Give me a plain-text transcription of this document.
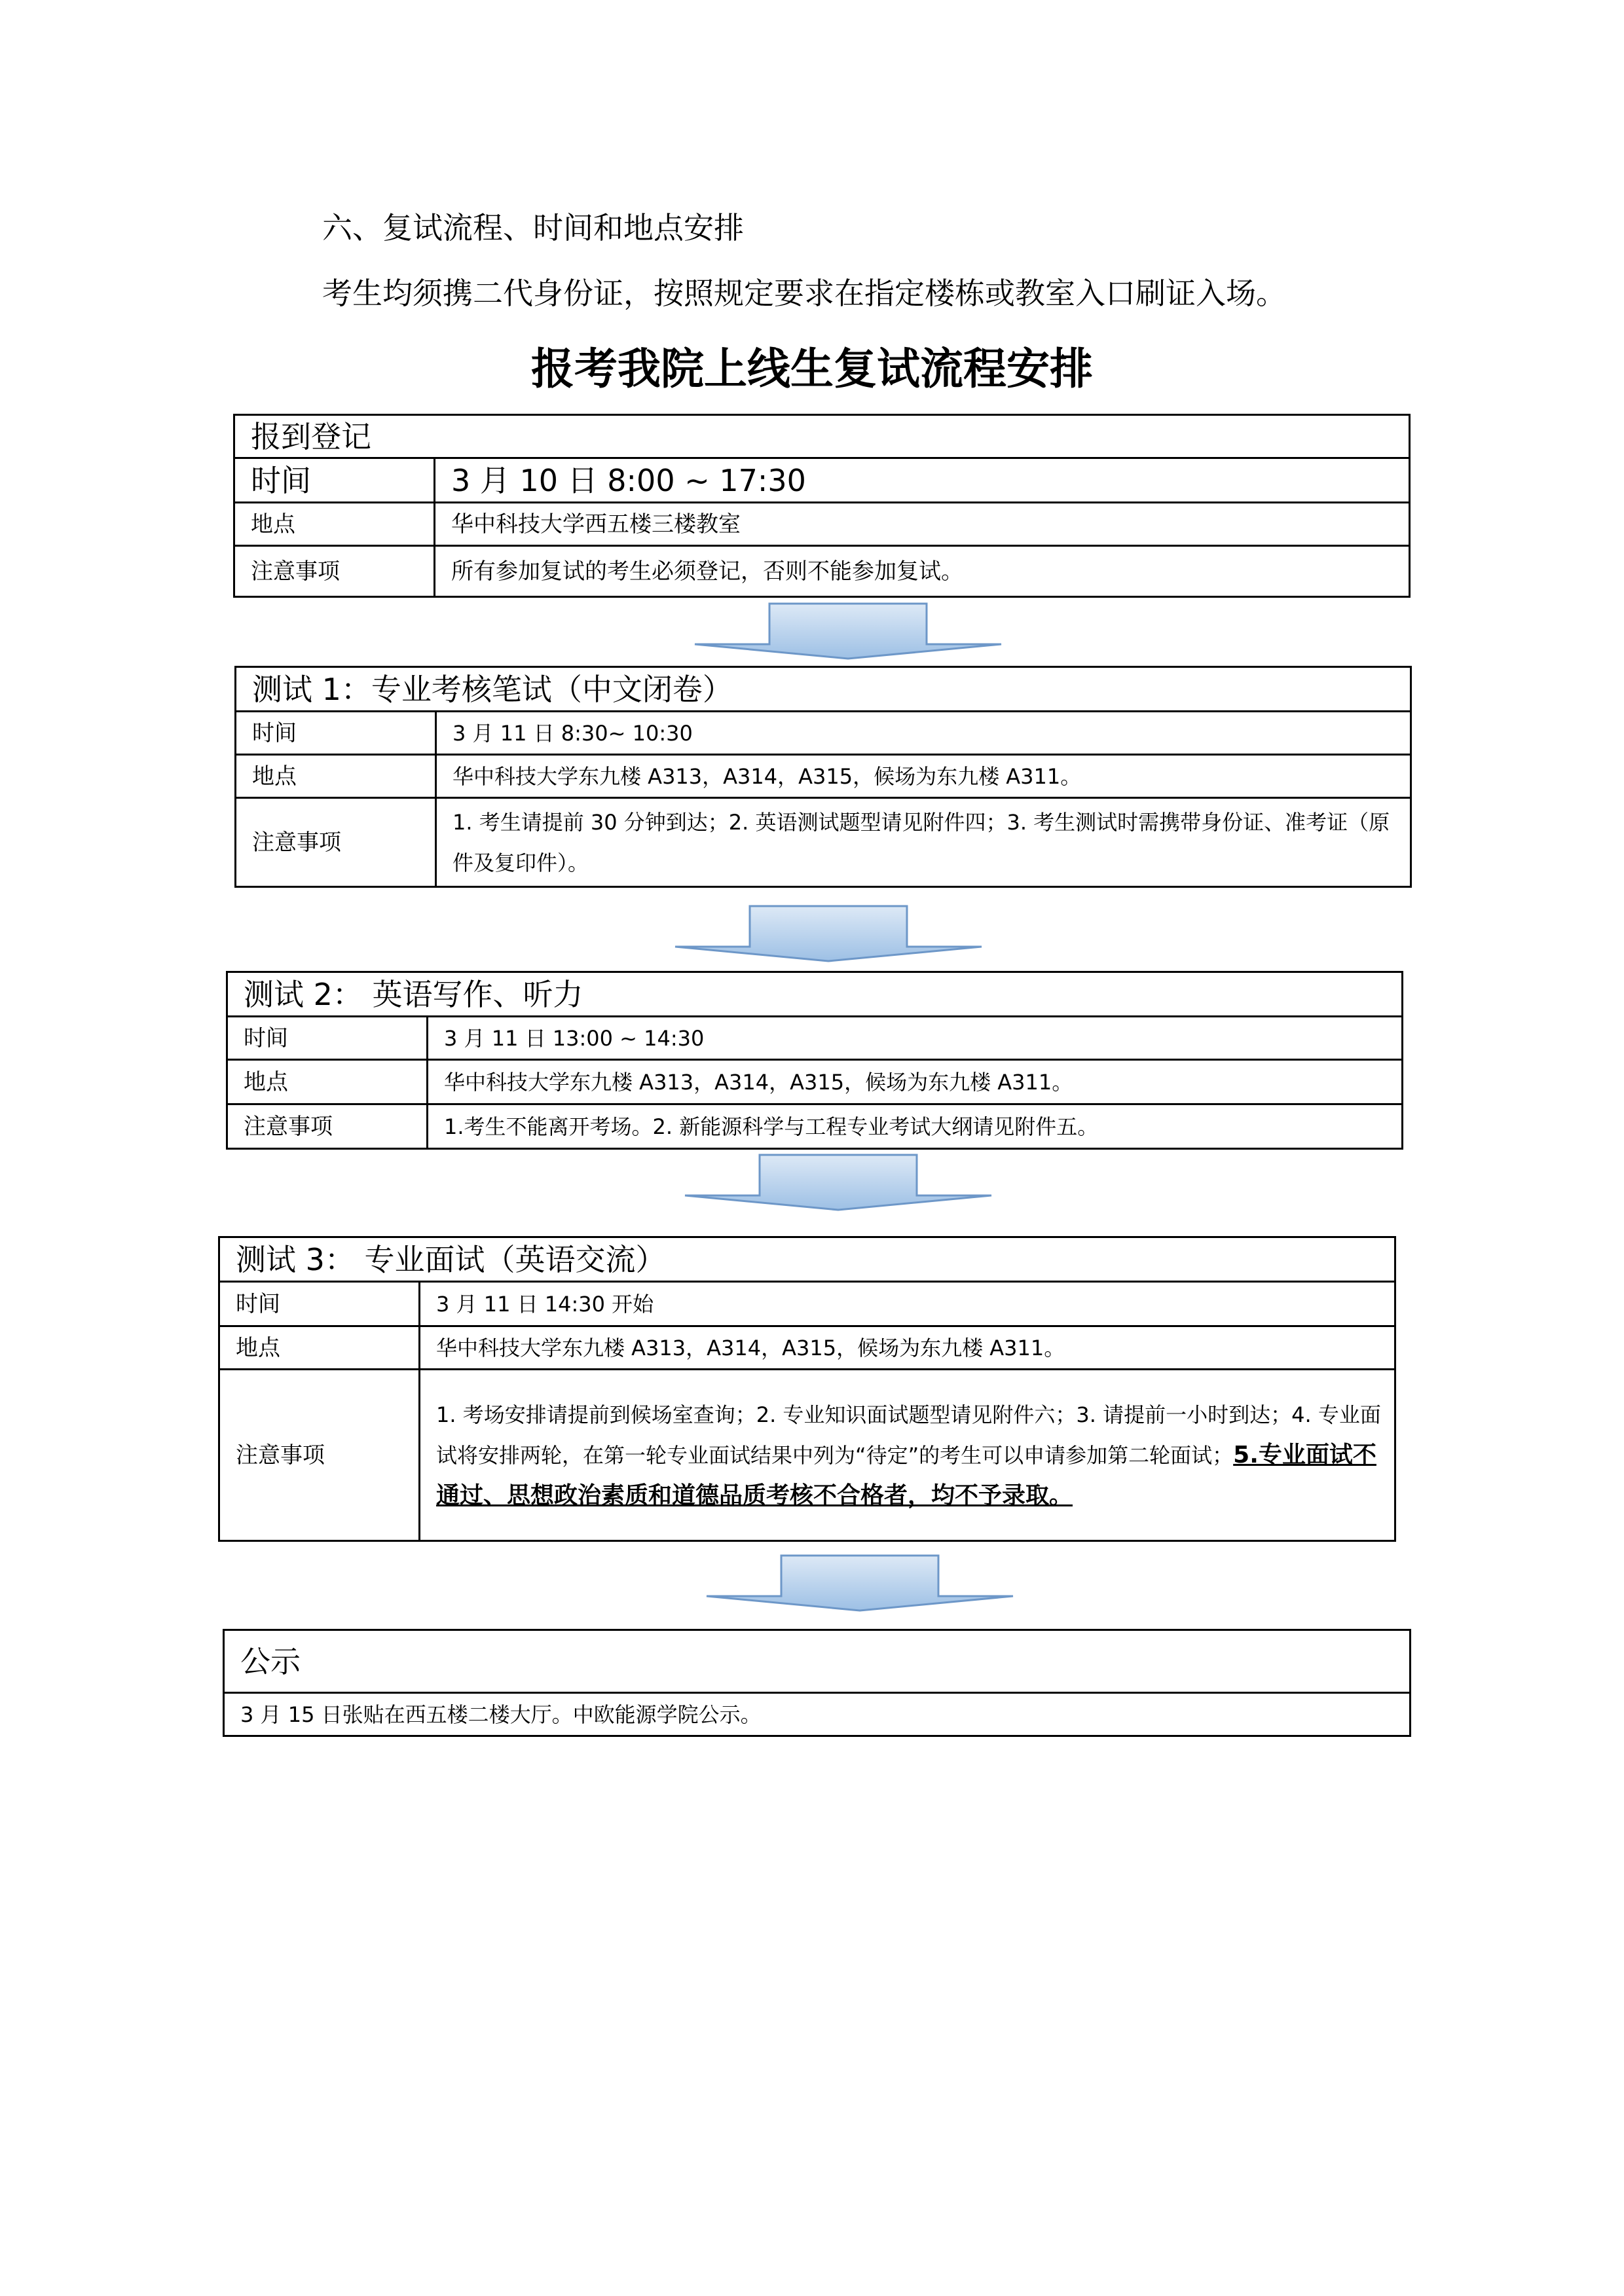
六、复试流程、时间和地点安排
考生均须携二代身份证，按照规定要求在指定楼栋或教室入口刷证入场。
报考我院上线生复试流程安排
报到登记	
时间	3 月 10 日 8:00 ~ 17:30
地点	华中科技大学西五楼三楼教室
注意事项	所有参加复试的考生必须登记，否则不能参加复试。
测试 1：专业考核笔试（中文闭卷）	
时间	3 月 11 日 8:30~ 10:30
地点	华中科技大学东九楼 A313，A314，A315，候场为东九楼 A311。
注意事项	1. 考生请提前 30 分钟到达；2. 英语测试题型请见附件四；3. 考生测试时需携带身份证、准考证（原件及复印件）。
测试 2： 英语写作、听力	
时间	3 月 11 日 13:00 ~ 14:30
地点	华中科技大学东九楼 A313，A314，A315，候场为东九楼 A311。
注意事项	1.考生不能离开考场。2. 新能源科学与工程专业考试大纲请见附件五。
测试 3： 专业面试（英语交流）	
时间	3 月 11 日 14:30 开始
地点	华中科技大学东九楼 A313，A314，A315，候场为东九楼 A311。
注意事项	1. 考场安排请提前到候场室查询；2. 专业知识面试题型请见附件六；3. 请提前一小时到达；4. 专业面试将安排两轮，在第一轮专业面试结果中列为“待定”的考生可以申请参加第二轮面试；5.专业面试不通过、思想政治素质和道德品质考核不合格者，均不予录取。
公示
3 月 15 日张贴在西五楼二楼大厅。中欧能源学院公示。
